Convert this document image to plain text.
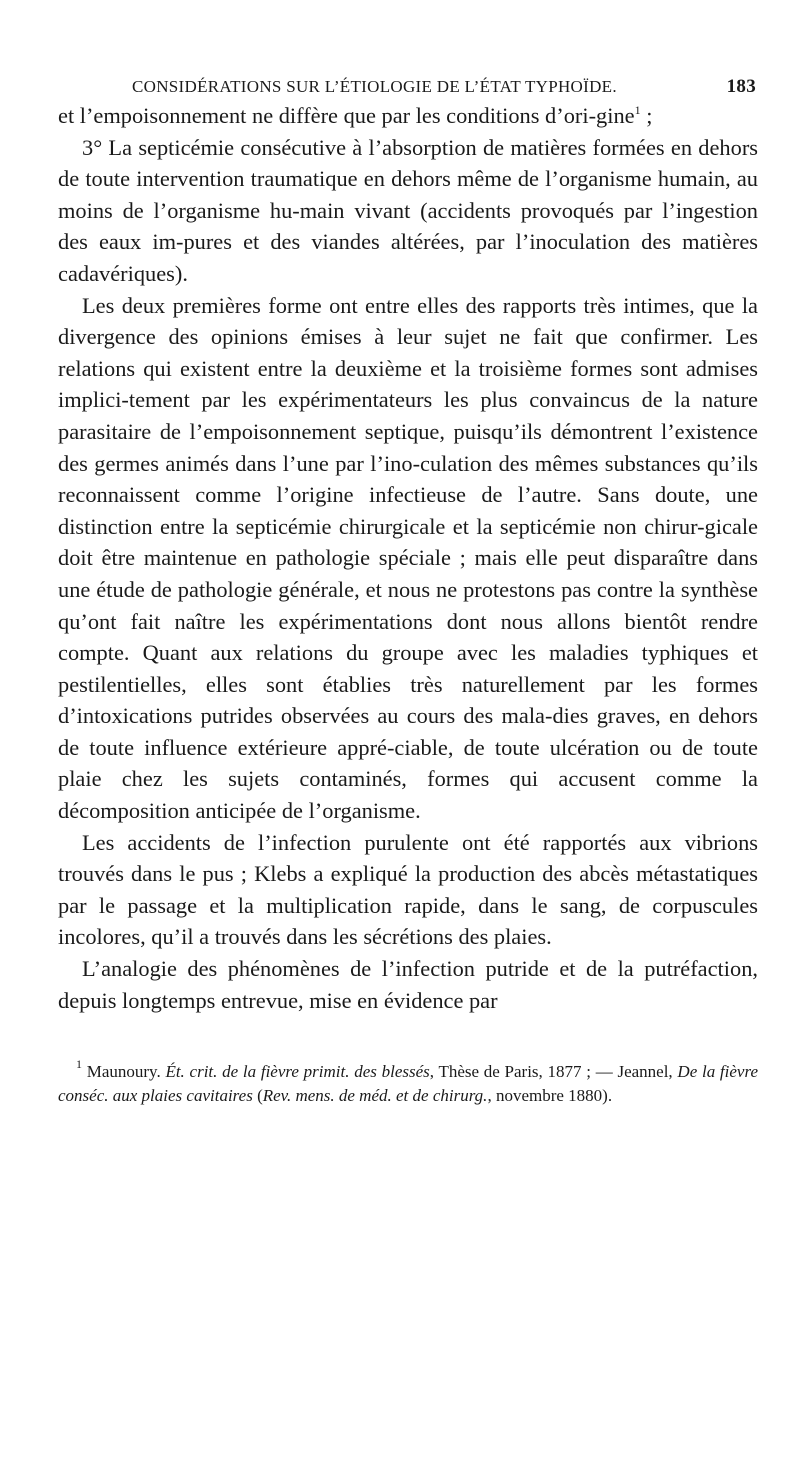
CONSIDÉRATIONS SUR L’ÉTIOLOGIE DE L’ÉTAT TYPHOÏDE.	183

et l’empoisonnement ne diffère que par les conditions d’ori-gine$^1$ ;

3° La septicémie consécutive à l’absorption de matières formées en dehors de toute intervention traumatique en dehors même de l’organisme humain, au moins de l’organisme hu-main vivant (accidents provoqués par l’ingestion des eaux im-pures et des viandes altérées, par l’inoculation des matières cadavériques).

Les deux premières forme ont entre elles des rapports très intimes, que la divergence des opinions émises à leur sujet ne fait que confirmer. Les relations qui existent entre la deuxième et la troisième formes sont admises implici-tement par les expérimentateurs les plus convaincus de la nature parasitaire de l’empoisonnement septique, puisqu’ils démontrent l’existence des germes animés dans l’une par l’ino-culation des mêmes substances qu’ils reconnaissent comme l’origine infectieuse de l’autre. Sans doute, une distinction entre la septicémie chirurgicale et la septicémie non chirur-gicale doit être maintenue en pathologie spéciale ; mais elle peut disparaître dans une étude de pathologie générale, et nous ne protestons pas contre la synthèse qu’ont fait naître les expérimentations dont nous allons bientôt rendre compte. Quant aux relations du groupe avec les maladies typhiques et pestilentielles, elles sont établies très naturellement par les formes d’intoxications putrides observées au cours des mala-dies graves, en dehors de toute influence extérieure appré-ciable, de toute ulcération ou de toute plaie chez les sujets contaminés, formes qui accusent comme la décomposition anticipée de l’organisme.

Les accidents de l’infection purulente ont été rapportés aux vibrions trouvés dans le pus ; Klebs a expliqué la production des abcès métastatiques par le passage et la multiplication rapide, dans le sang, de corpuscules incolores, qu’il a trouvés dans les sécrétions des plaies.

L’analogie des phénomènes de l’infection putride et de la putréfaction, depuis longtemps entrevue, mise en évidence par

$^1$ Maunoury. Ét. crit. de la fièvre primit. des blessés, Thèse de Paris, 1877 ; — Jeannel, De la fièvre conséc. aux plaies cavitaires (Rev. mens. de méd. et de chirurg., novembre 1880).
